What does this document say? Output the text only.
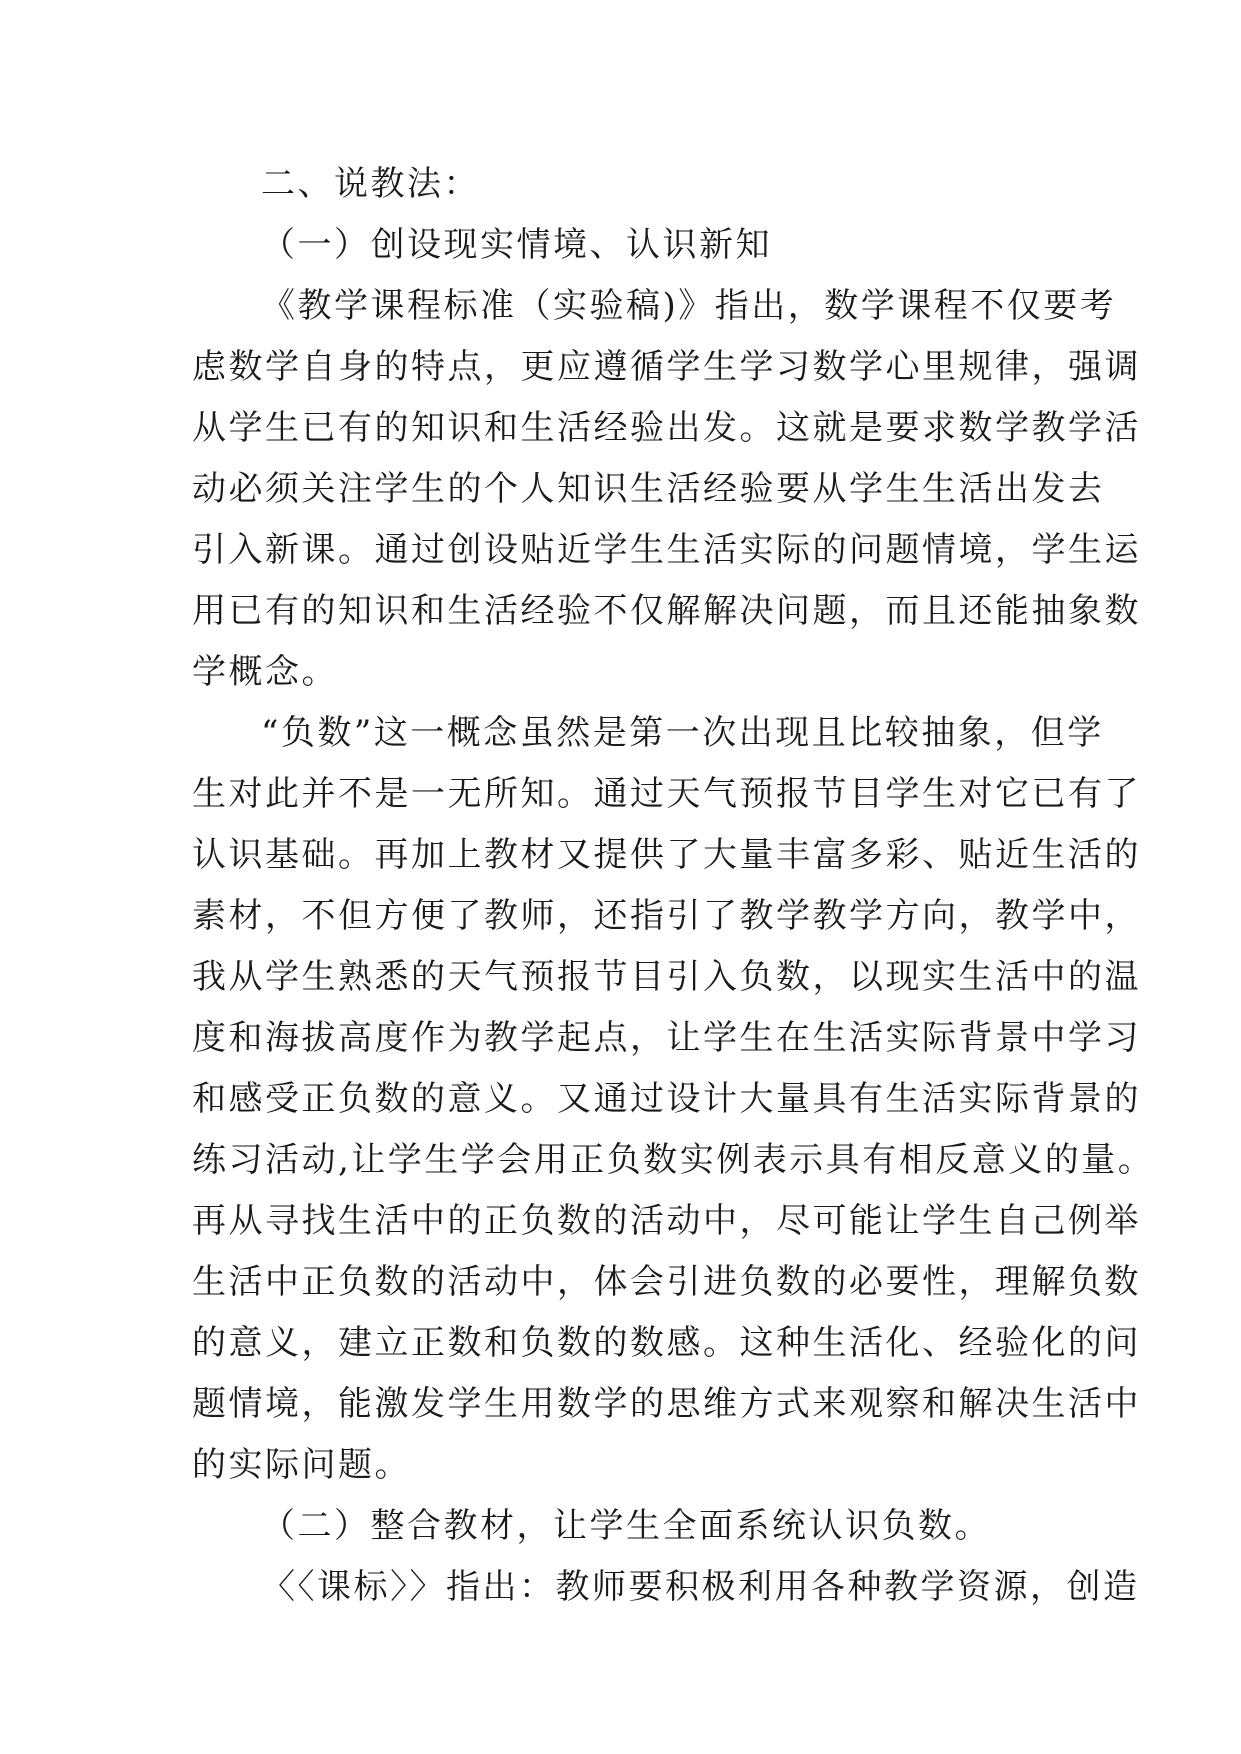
二、说教法：
（一）创设现实情境、认识新知
《教学课程标准（实验稿)》指出，数学课程不仅要考
虑数学自身的特点，更应遵循学生学习数学心里规律，强调
从学生已有的知识和生活经验出发。这就是要求数学教学活
动必须关注学生的个人知识生活经验要从学生生活出发去
引入新课。通过创设贴近学生生活实际的问题情境，学生运
用已有的知识和生活经验不仅解解决问题，而且还能抽象数
学概念。
“负数”这一概念虽然是第一次出现且比较抽象，但学
生对此并不是一无所知。通过天气预报节目学生对它已有了
认识基础。再加上教材又提供了大量丰富多彩、贴近生活的
素材，不但方便了教师，还指引了教学教学方向，教学中，
我从学生熟悉的天气预报节目引入负数，以现实生活中的温
度和海拔高度作为教学起点，让学生在生活实际背景中学习
和感受正负数的意义。又通过设计大量具有生活实际背景的
练习活动,让学生学会用正负数实例表示具有相反意义的量。
再从寻找生活中的正负数的活动中，尽可能让学生自己例举
生活中正负数的活动中，体会引进负数的必要性，理解负数
的意义，建立正数和负数的数感。这种生活化、经验化的问
题情境，能激发学生用数学的思维方式来观察和解决生活中
的实际问题。
（二）整合教材，让学生全面系统认识负数。
〈〈课标〉〉指出：教师要积极利用各种教学资源，创造
